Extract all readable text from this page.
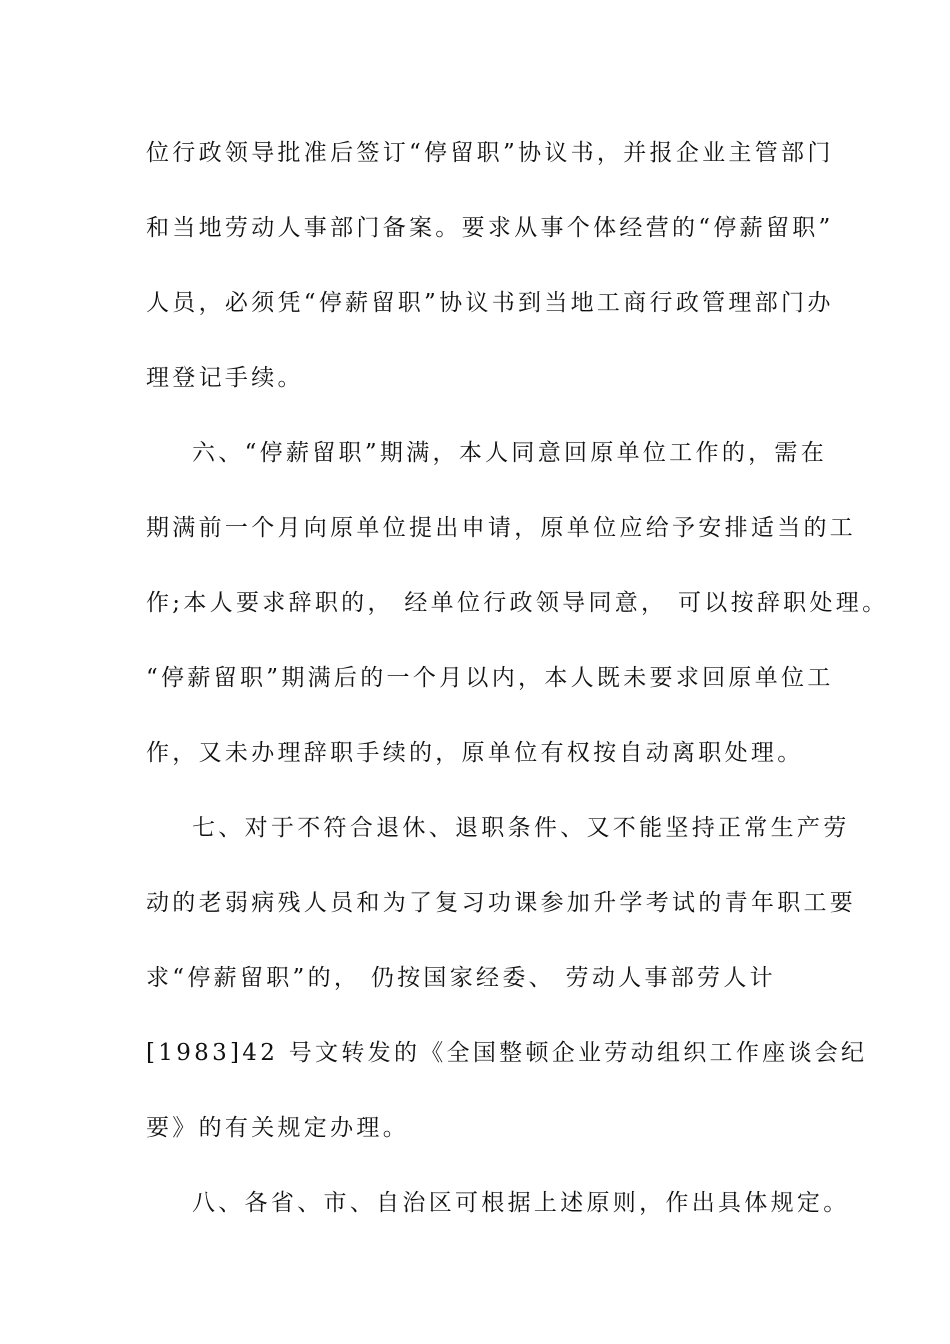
位行政领导批准后签订“停留职”协议书，并报企业主管部门

和当地劳动人事部门备案。要求从事个体经营的“停薪留职”

人员，必须凭“停薪留职”协议书到当地工商行政管理部门办

理登记手续。

六、“停薪留职”期满，本人同意回原单位工作的，需在

期满前一个月向原单位提出申请，原单位应给予安排适当的工

作;本人要求辞职的， 经单位行政领导同意， 可以按辞职处理。

“停薪留职”期满后的一个月以内，本人既未要求回原单位工

作，又未办理辞职手续的，原单位有权按自动离职处理。

七、对于不符合退休、退职条件、又不能坚持正常生产劳

动的老弱病残人员和为了复习功课参加升学考试的青年职工要

求“停薪留职”的， 仍按国家经委、 劳动人事部劳人计

[1983]42 号文转发的《全国整顿企业劳动组织工作座谈会纪

要》的有关规定办理。

八、各省、市、自治区可根据上述原则，作出具体规定。
